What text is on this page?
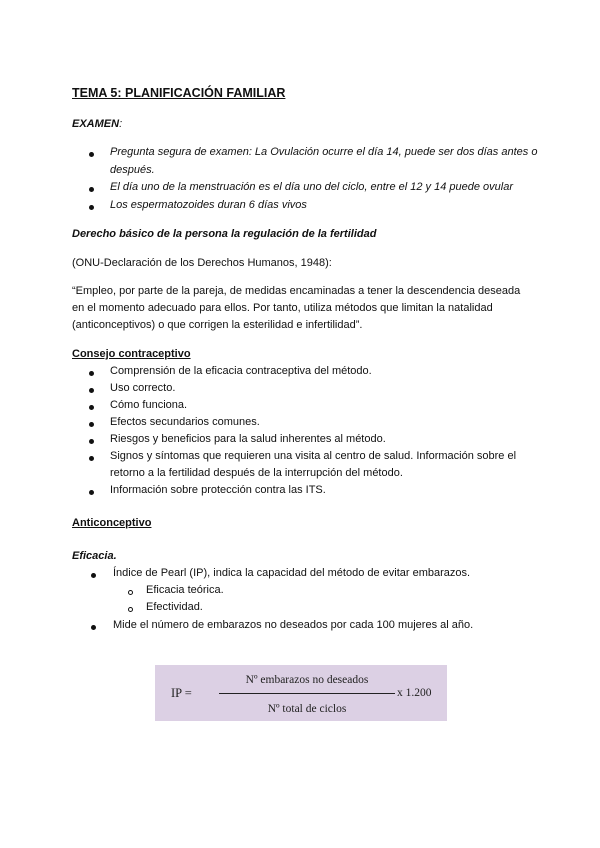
TEMA 5: PLANIFICACIÓN FAMILIAR
EXAMEN:
Pregunta segura de examen: La Ovulación ocurre el día 14, puede ser dos días antes o
después.
El día uno de la menstruación es el día uno del ciclo, entre el 12 y 14 puede ovular
Los espermatozoides duran 6 días vivos
Derecho básico de la persona la regulación de la fertilidad
(ONU-Declaración de los Derechos Humanos, 1948):
“Empleo, por parte de la pareja, de medidas encaminadas a tener la descendencia deseada
en el momento adecuado para ellos. Por tanto, utiliza métodos que limitan la natalidad
(anticonceptivos) o que corrigen la esterilidad e infertilidad”.
Consejo contraceptivo
Comprensión de la eficacia contraceptiva del método.
Uso correcto.
Cómo funciona.
Efectos secundarios comunes.
Riesgos y beneficios para la salud inherentes al método.
Signos y síntomas que requieren una visita al centro de salud. Información sobre el
retorno a la fertilidad después de la interrupción del método.
Información sobre protección contra las ITS.
Anticonceptivo
Eficacia.
Índice de Pearl (IP), indica la capacidad del método de evitar embarazos.
Eficacia teórica.
Efectividad.
Mide el número de embarazos no deseados por cada 100 mujeres al año.
IP =
Nº embarazos no deseados
Nº total de ciclos
x 1.200
